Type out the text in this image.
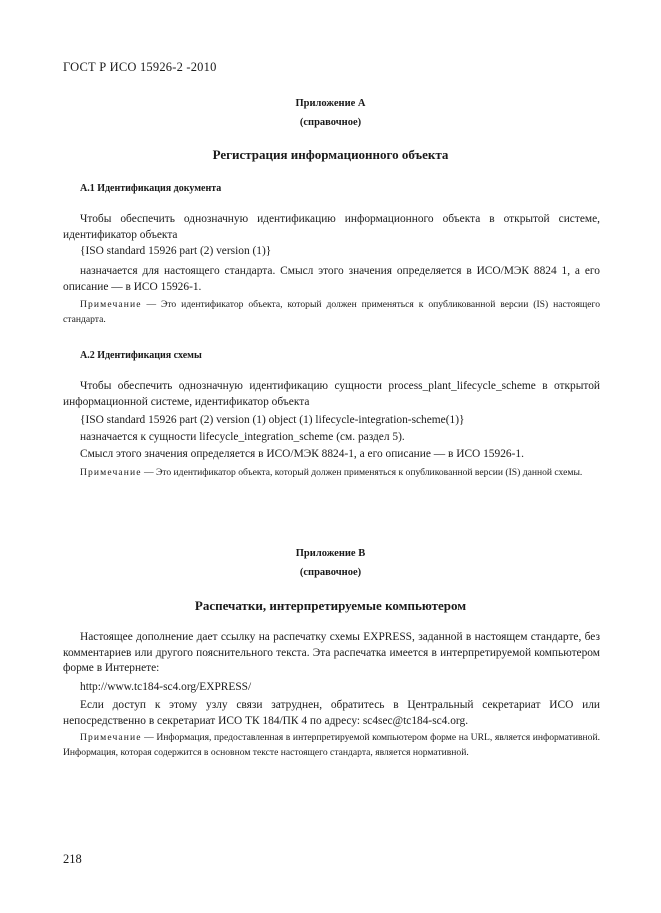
ГОСТ Р ИСО 15926-2 -2010
Приложение А
(справочное)
Регистрация информационного объекта
А.1 Идентификация документа

Чтобы обеспечить однозначную идентификацию информационного объекта в открытой системе, идентификатор объекта

{ISO standard 15926 part (2) version (1)}

назначается для настоящего стандарта. Смысл этого значения определяется в ИСО/МЭК 8824 1, а его описание — в ИСО 15926-1.

Примечание — Это идентификатор объекта, который должен применяться к опубликованной версии (IS) настоящего стандарта.

А.2 Идентификация схемы

Чтобы обеспечить однозначную идентификацию сущности process_plant_lifecycle_scheme в открытой информационной системе, идентификатор объекта

{ISO standard 15926 part (2) version (1) object (1) lifecycle-integration-scheme(1)}

назначается к сущности lifecycle_integration_scheme (см. раздел 5).

Смысл этого значения определяется в ИСО/МЭК 8824-1, а его описание — в ИСО 15926-1.

Примечание — Это идентификатор объекта, который должен применяться к опубликованной версии (IS) данной схемы.

Приложение В
(справочное)
Распечатки, интерпретируемые компьютером

Настоящее дополнение дает ссылку на распечатку схемы EXPRESS, заданной в настоящем стандарте, без комментариев или другого пояснительного текста. Эта распечатка имеется в интерпретируемой компьютером форме в Интернете:

http://www.tc184-sc4.org/EXPRESS/

Если доступ к этому узлу связи затруднен, обратитесь в Центральный секретариат ИСО или непосредственно в секретариат ИСО ТК 184/ПК 4 по адресу: sc4sec@tc184-sc4.org.

Примечание — Информация, предоставленная в интерпретируемой компьютером форме на URL, является информативной. Информация, которая содержится в основном тексте настоящего стандарта, является нормативной.

218
